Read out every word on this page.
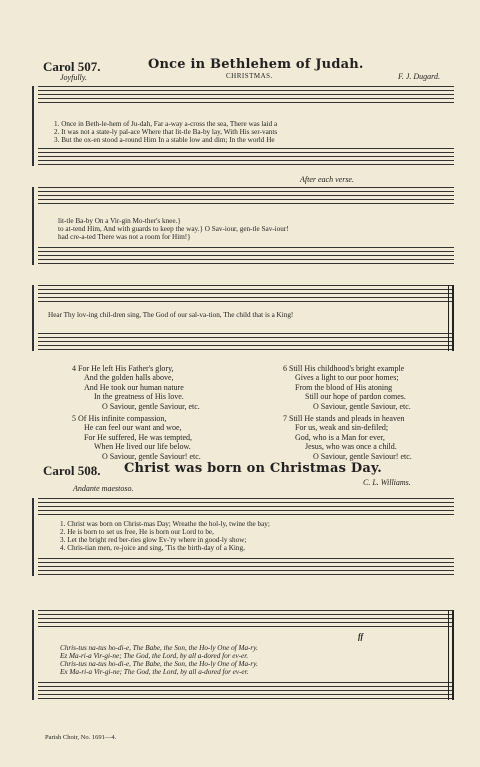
Carol 507.	Once in Bethlehem of Judah.
CHRISTMAS.
Joyfully.	F. J. Dugard.
1. Once in Beth-le-hem of Ju-dah, Far a-way a-cross the sea, There was laid a
2. It was not a state-ly pal-ace Where that lit-tle Ba-by lay, With His ser-vants
3. But the ox-en stood a-round Him In a stable low and dim; In the world He
After each verse.
lit-tle Ba-by On a Vir-gin Mo-ther's knee.}
to at-tend Him, And with guards to keep the way.} O Sav-iour, gen-tle Sav-iour!
had cre-a-ted There was not a room for Him!}
Hear Thy lov-ing chil-dren sing, The God of our sal-va-tion, The child that is a King!
4 For He left His Father's glory,
And the golden halls above,
And He took our human nature
In the greatness of His love.
O Saviour, gentle Saviour, etc.
5 Of His infinite compassion,
He can feel our want and woe,
For He suffered, He was tempted,
When He lived our life below.
O Saviour, gentle Saviour! etc.
6 Still His childhood's bright example
Gives a light to our poor homes;
From the blood of His atoning
Still our hope of pardon comes.
O Saviour, gentle Saviour, etc.
7 Still He stands and pleads in heaven
For us, weak and sin-defiled;
God, who is a Man for ever,
Jesus, who was once a child.
O Saviour, gentle Saviour! etc.
Carol 508. Christ was born on Christmas Day.
Andante maestoso.
C. L. Williams.
1. Christ was born on Christ-mas Day; Wreathe the hol-ly, twine the bay;
2. He is born to set us free, He is born our Lord to be,
3. Let the bright red ber-ries glow Ev-'ry where in good-ly show;
4. Chris-tian men, re-joice and sing, 'Tis the birth-day of a King,
ff
Chris-tus na-tus ho-di-e, The Babe, the Son, the Ho-ly One of Ma-ry.
Ez Ma-ri-a Vir-gi-ne; The God, the Lord, by all a-dored for ev-er.
Chris-tus na-tus ho-di-e, The Babe, the Son, the Ho-ly One of Ma-ry.
Ex Ma-ri-a Vir-gi-ne; The God, the Lord, by all a-dored for ev-er.
Parish Choir, No. 1691—4.
